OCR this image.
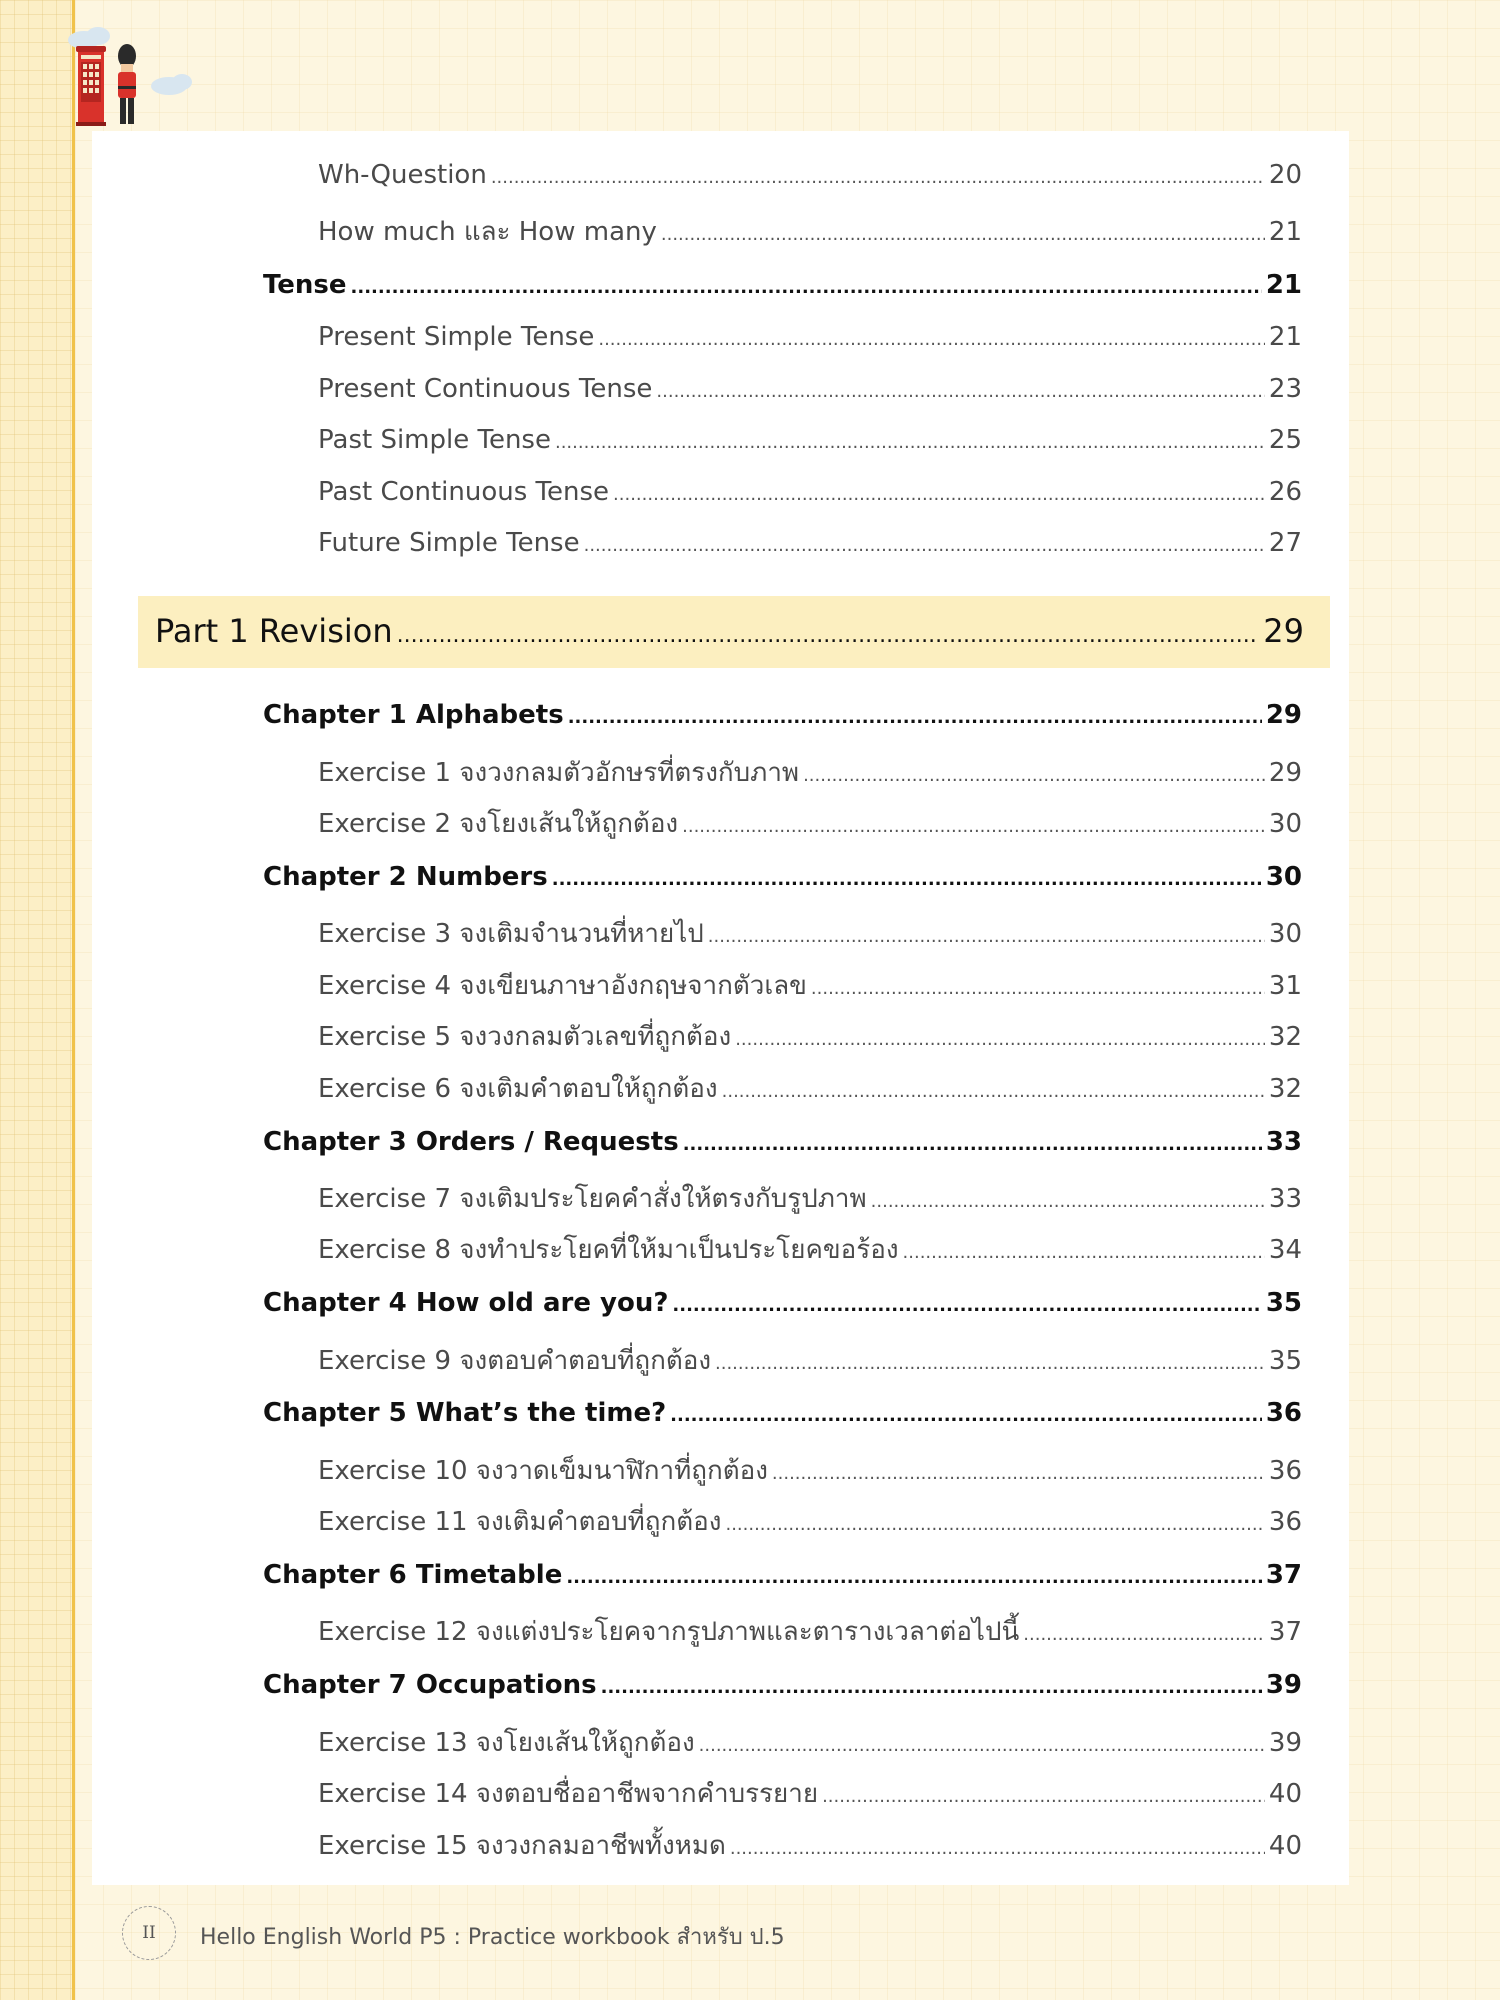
Wh-Question .....	20
How much และ How many .....	21
Tense .....	21
Present Simple Tense .....	21
Present Continuous Tense .....	23
Past Simple Tense .....	25
Past Continuous Tense .....	26
Future Simple Tense .....	27
Part 1 Revision .....	29
Chapter 1 Alphabets .....	29
Exercise 1 จงวงกลมตัวอักษรที่ตรงกับภาพ .....	29
Exercise 2 จงโยงเส้นให้ถูกต้อง .....	30
Chapter 2 Numbers .....	30
Exercise 3 จงเติมจำนวนที่หายไป .....	30
Exercise 4 จงเขียนภาษาอังกฤษจากตัวเลข .....	31
Exercise 5 จงวงกลมตัวเลขที่ถูกต้อง .....	32
Exercise 6 จงเติมคำตอบให้ถูกต้อง .....	32
Chapter 3 Orders / Requests .....	33
Exercise 7 จงเติมประโยคคำสั่งให้ตรงกับรูปภาพ .....	33
Exercise 8 จงทำประโยคที่ให้มาเป็นประโยคขอร้อง .....	34
Chapter 4 How old are you? .....	35
Exercise 9 จงตอบคำตอบที่ถูกต้อง .....	35
Chapter 5 What’s the time? .....	36
Exercise 10 จงวาดเข็มนาฬิกาที่ถูกต้อง .....	36
Exercise 11 จงเติมคำตอบที่ถูกต้อง .....	36
Chapter 6 Timetable .....	37
Exercise 12 จงแต่งประโยคจากรูปภาพและตารางเวลาต่อไปนี้ .....	37
Chapter 7 Occupations .....	39
Exercise 13 จงโยงเส้นให้ถูกต้อง .....	39
Exercise 14 จงตอบชื่ออาชีพจากคำบรรยาย .....	40
Exercise 15 จงวงกลมอาชีพทั้งหมด .....	40
II Hello English World P5 : Practice workbook สำหรับ ป.5
